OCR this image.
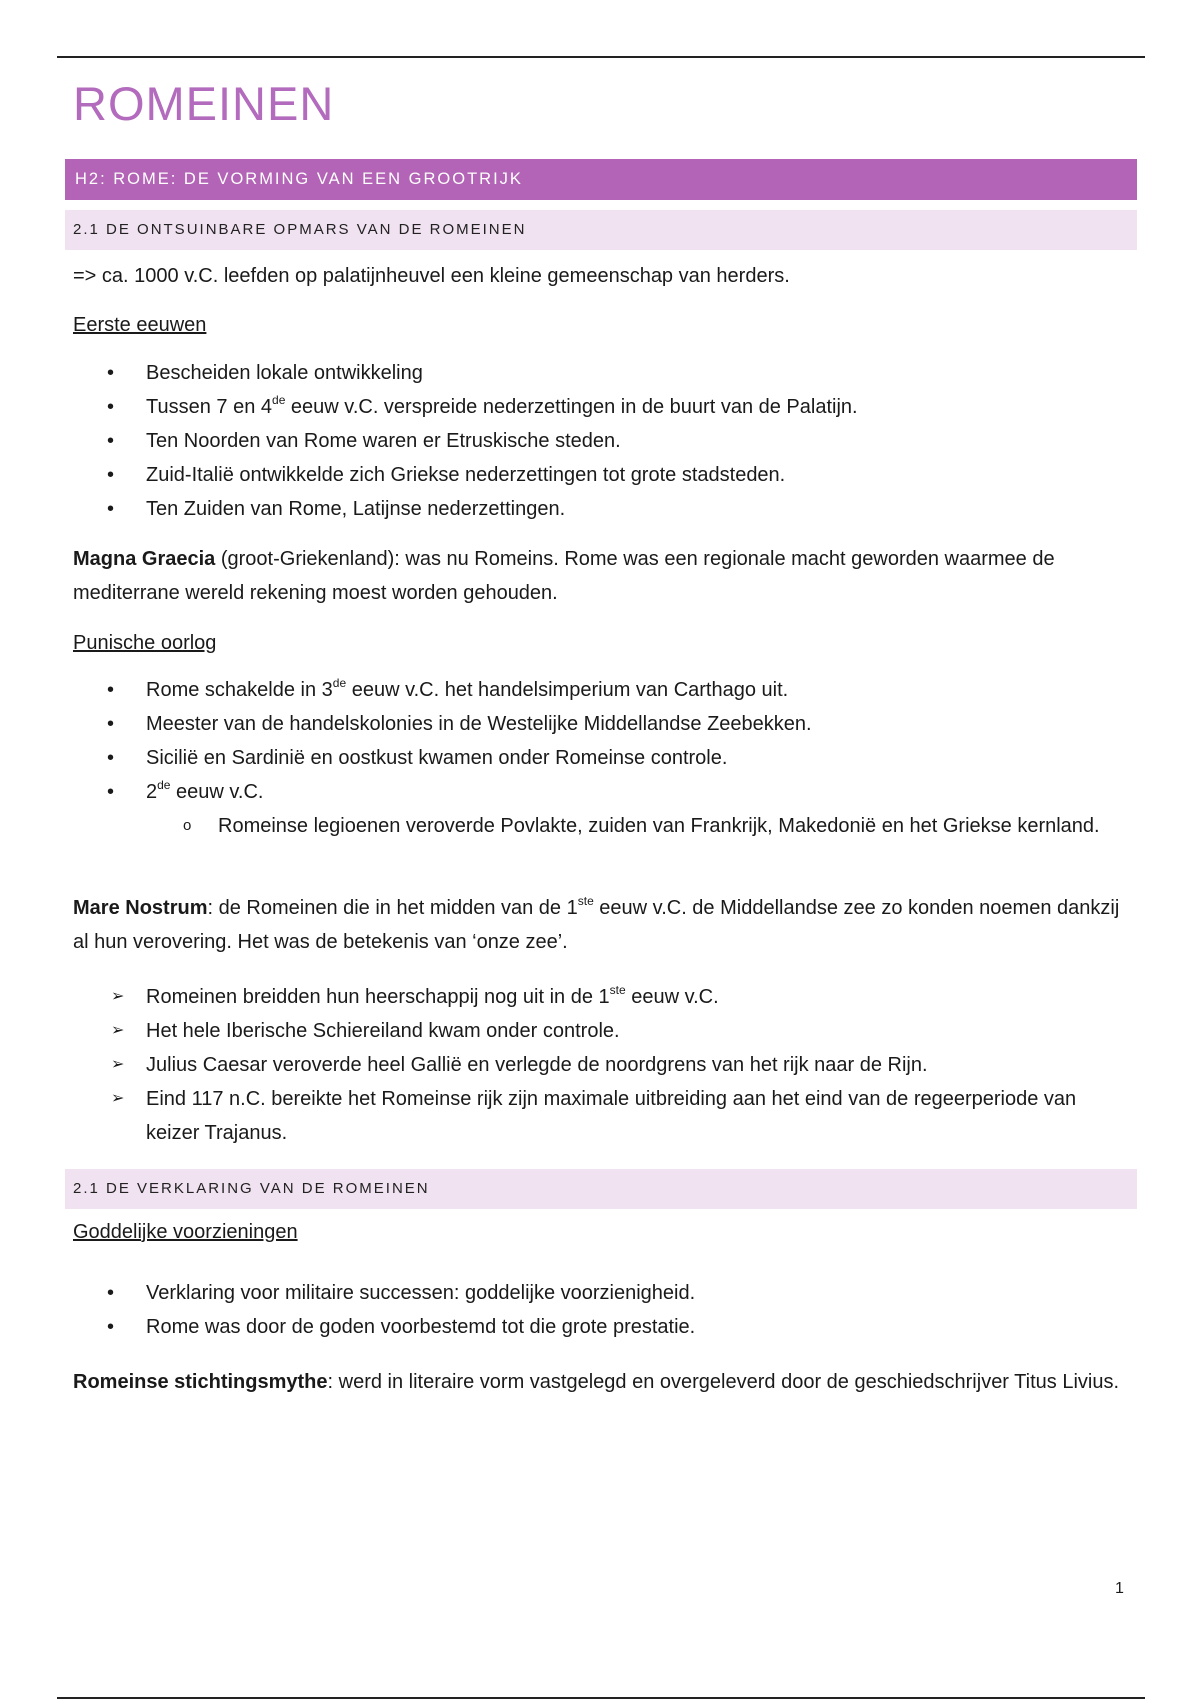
ROMEINEN
H2: ROME: DE VORMING VAN EEN GROOTRIJK
2.1 DE ONTSUINBARE OPMARS VAN DE ROMEINEN

=> ca. 1000 v.C. leefden op palatijnheuvel een kleine gemeenschap van herders.

Eerste eeuwen

• Bescheiden lokale ontwikkeling
• Tussen 7 en 4de eeuw v.C. verspreide nederzettingen in de buurt van de Palatijn.
• Ten Noorden van Rome waren er Etruskische steden.
• Zuid-Italië ontwikkelde zich Griekse nederzettingen tot grote stadsteden.
• Ten Zuiden van Rome, Latijnse nederzettingen.

Magna Graecia (groot-Griekenland): was nu Romeins. Rome was een regionale macht geworden waarmee de mediterrane wereld rekening moest worden gehouden.

Punische oorlog

• Rome schakelde in 3de eeuw v.C. het handelsimperium van Carthago uit.
• Meester van de handelskolonies in de Westelijke Middellandse Zeebekken.
• Sicilië en Sardinië en oostkust kwamen onder Romeinse controle.
• 2de eeuw v.C.
o Romeinse legioenen veroverde Povlakte, zuiden van Frankrijk, Makedonië en het Griekse kernland.

Mare Nostrum: de Romeinen die in het midden van de 1ste eeuw v.C. de Middellandse zee zo konden noemen dankzij al hun verovering. Het was de betekenis van ‘onze zee’.

➢ Romeinen breidden hun heerschappij nog uit in de 1ste eeuw v.C.
➢ Het hele Iberische Schiereiland kwam onder controle.
➢ Julius Caesar veroverde heel Gallië en verlegde de noordgrens van het rijk naar de Rijn.
➢ Eind 117 n.C. bereikte het Romeinse rijk zijn maximale uitbreiding aan het eind van de regeerperiode van keizer Trajanus.
2.1 DE VERKLARING VAN DE ROMEINEN

Goddelijke voorzieningen

• Verklaring voor militaire successen: goddelijke voorzienigheid.
• Rome was door de goden voorbestemd tot die grote prestatie.

Romeinse stichtingsmythe: werd in literaire vorm vastgelegd en overgeleverd door de geschiedschrijver Titus Livius.

1
